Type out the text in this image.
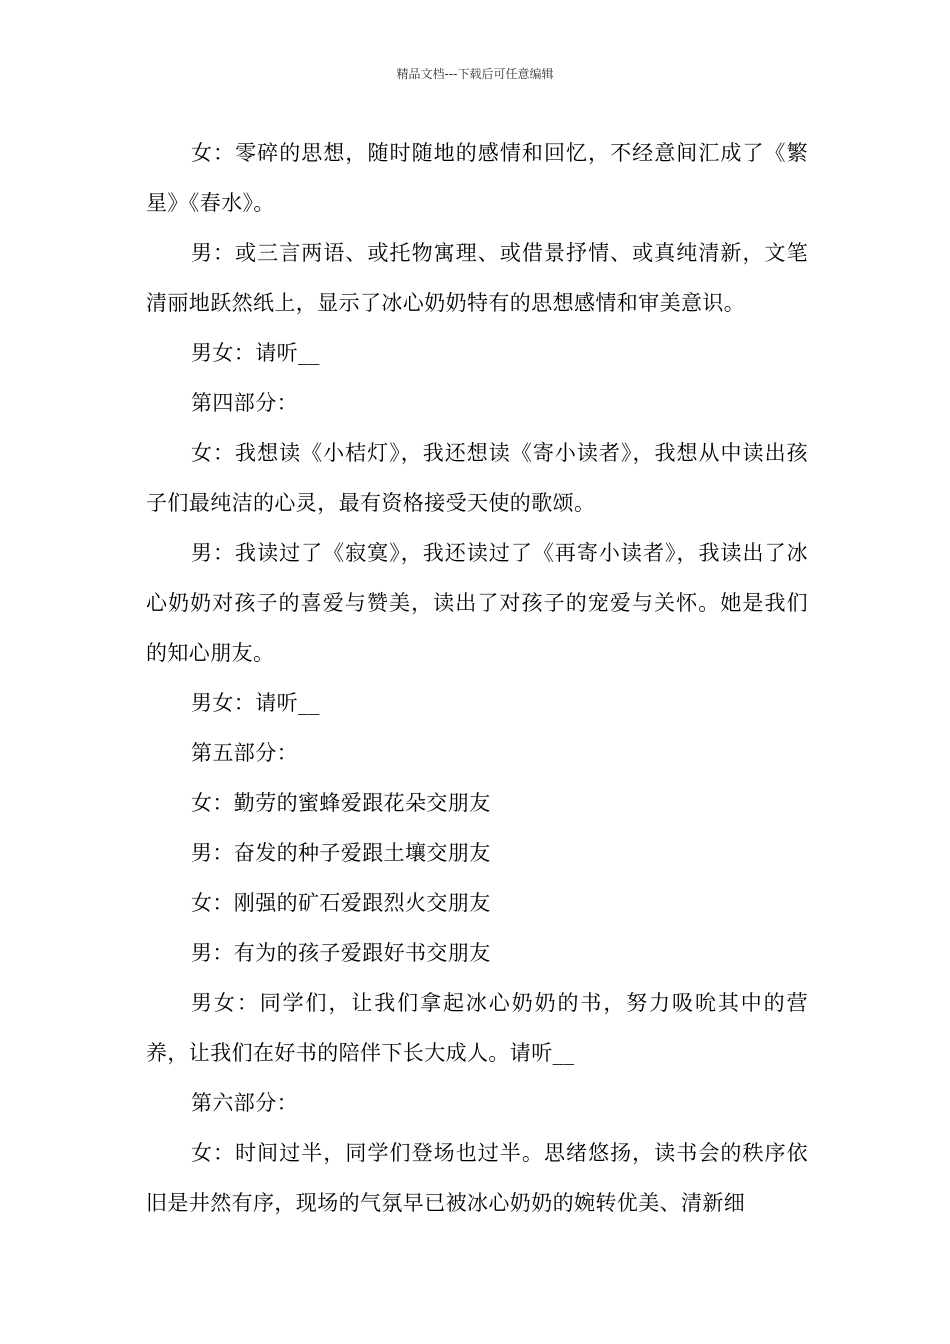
精品文档---下载后可任意编辑

女：零碎的思想，随时随地的感情和回忆，不经意间汇成了《繁星》《春水》。

男：或三言两语、或托物寓理、或借景抒情、或真纯清新，文笔清丽地跃然纸上，显示了冰心奶奶特有的思想感情和审美意识。

男女：请听__

第四部分：

女：我想读《小桔灯》，我还想读《寄小读者》，我想从中读出孩子们最纯洁的心灵，最有资格接受天使的歌颂。

男：我读过了《寂寞》，我还读过了《再寄小读者》，我读出了冰心奶奶对孩子的喜爱与赞美，读出了对孩子的宠爱与关怀。她是我们的知心朋友。

男女：请听__

第五部分：

女：勤劳的蜜蜂爱跟花朵交朋友

男：奋发的种子爱跟土壤交朋友

女：刚强的矿石爱跟烈火交朋友

男：有为的孩子爱跟好书交朋友

男女：同学们，让我们拿起冰心奶奶的书，努力吸吮其中的营养，让我们在好书的陪伴下长大成人。请听__

第六部分：

女：时间过半，同学们登场也过半。思绪悠扬，读书会的秩序依旧是井然有序，现场的气氛早已被冰心奶奶的婉转优美、清新细
